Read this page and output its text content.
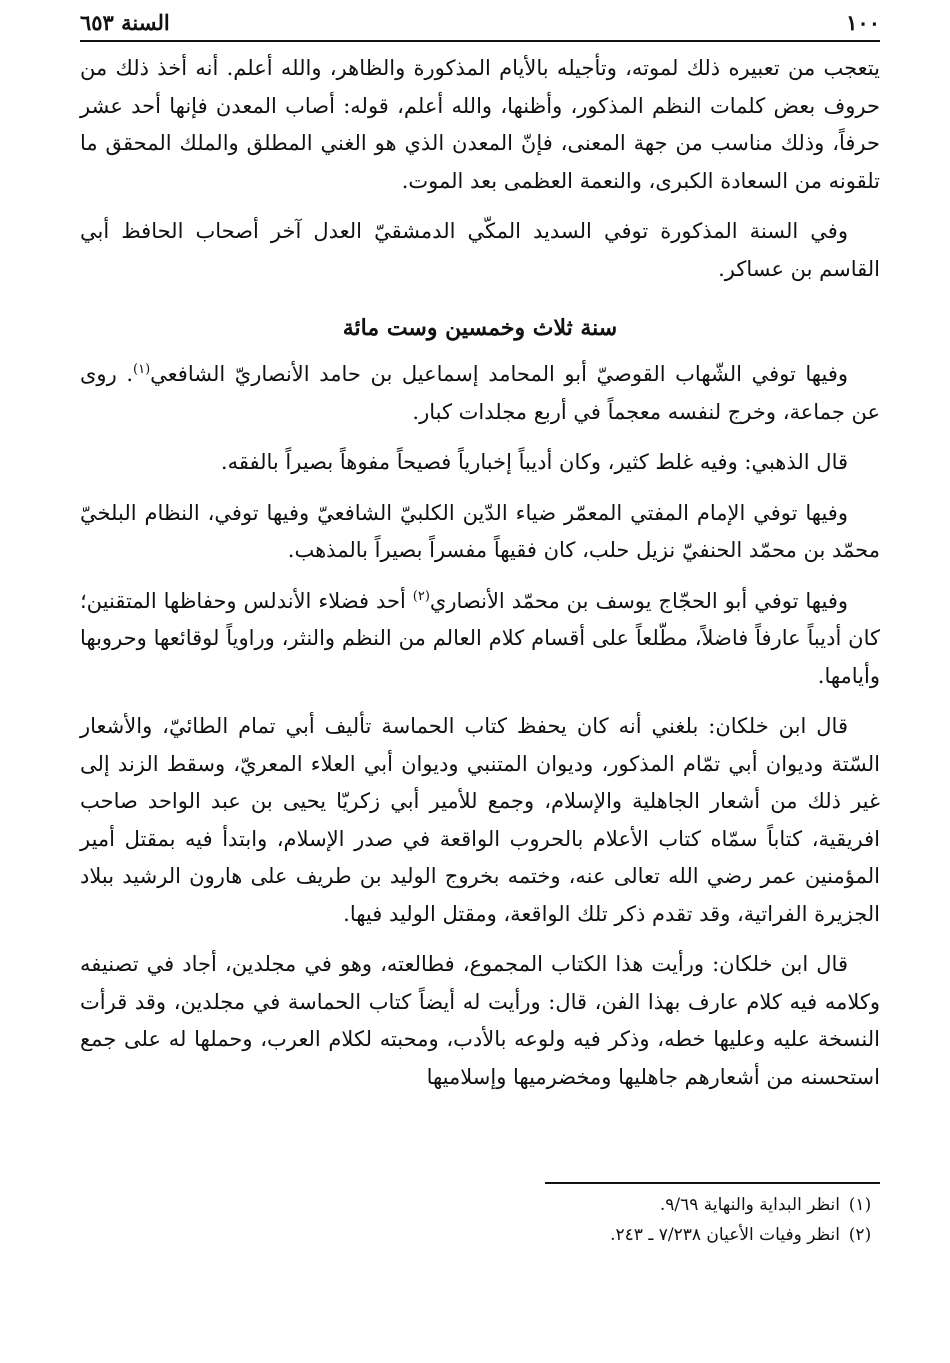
١٠٠
السنة ٦٥٣

يتعجب من تعبيره ذلك لموته، وتأجيله بالأيام المذكورة والظاهر، والله أعلم. أنه أخذ ذلك من حروف بعض كلمات النظم المذكور، وأظنها، والله أعلم، قوله: أصاب المعدن فإنها أحد عشر حرفاً، وذلك مناسب من جهة المعنى، فإنّ المعدن الذي هو الغني المطلق والملك المحقق ما تلقونه من السعادة الكبرى، والنعمة العظمى بعد الموت.

وفي السنة المذكورة توفي السديد المكّي الدمشقيّ العدل آخر أصحاب الحافظ أبي القاسم بن عساكر.

سنة ثلاث وخمسين وست مائة

وفيها توفي الشّهاب القوصيّ أبو المحامد إسماعيل بن حامد الأنصاريّ الشافعي$^{(١)}$. روى عن جماعة، وخرج لنفسه معجماً في أربع مجلدات كبار.

قال الذهبي: وفيه غلط كثير، وكان أديباً إخبارياً فصيحاً مفوهاً بصيراً بالفقه.

وفيها توفي الإمام المفتي المعمّر ضياء الدّين الكلبيّ الشافعيّ وفيها توفي، النظام البلخيّ محمّد بن محمّد الحنفيّ نزيل حلب، كان فقيهاً مفسراً بصيراً بالمذهب.

وفيها توفي أبو الحجّاج يوسف بن محمّد الأنصاري$^{(٢)}$ أحد فضلاء الأندلس وحفاظها المتقنين؛ كان أديباً عارفاً فاضلاً، مطّلعاً على أقسام كلام العالم من النظم والنثر، وراوياً لوقائعها وحروبها وأيامها.

قال ابن خلكان: بلغني أنه كان يحفظ كتاب الحماسة تأليف أبي تمام الطائيّ، والأشعار السّتة وديوان أبي تمّام المذكور، وديوان المتنبي وديوان أبي العلاء المعريّ، وسقط الزند إلى غير ذلك من أشعار الجاهلية والإسلام، وجمع للأمير أبي زكريّا يحيى بن عبد الواحد صاحب افريقية، كتاباً سمّاه كتاب الأعلام بالحروب الواقعة في صدر الإسلام، وابتدأ فيه بمقتل أمير المؤمنين عمر رضي الله تعالى عنه، وختمه بخروج الوليد بن طريف على هارون الرشيد ببلاد الجزيرة الفراتية، وقد تقدم ذكر تلك الواقعة، ومقتل الوليد فيها.

قال ابن خلكان: ورأيت هذا الكتاب المجموع، فطالعته، وهو في مجلدين، أجاد في تصنيفه وكلامه فيه كلام عارف بهذا الفن، قال: ورأيت له أيضاً كتاب الحماسة في مجلدين، وقد قرأت النسخة عليه وعليها خطه، وذكر فيه ولوعه بالأدب، ومحبته لكلام العرب، وحملها له على جمع استحسنه من أشعارهم جاهليها ومخضرميها وإسلاميها

(١)
انظر البداية والنهاية ٩/٦٩.
(٢)
انظر وفيات الأعيان ٧/٢٣٨ ـ ٢٤٣.
